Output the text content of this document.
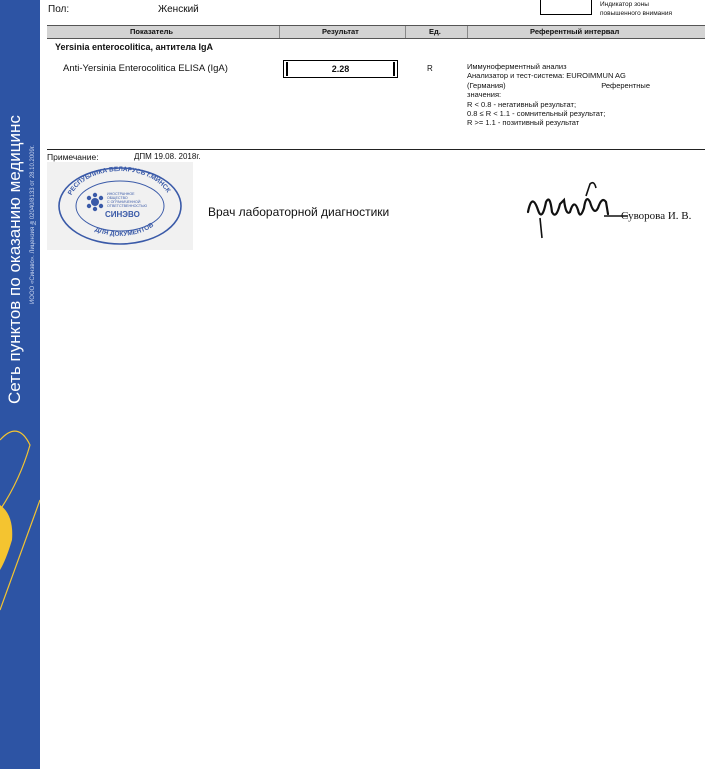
Сеть пунктов по оказанию медицинс	ИООО «Синэво». Лицензия №02040/8133 от 28.10.2009г.
Пол:	Женский	Индикатор зоны
повышенного внимания
Показатель	Результат	Ед.	Референтный интервал
Yersinia enterocolitica, антитела IgA
Anti-Yersinia Enterocolitica ELISA (IgA)	2.28	R	Иммуноферментный анализ
Анализатор и тест-система: EUROIMMUN AG
(Германия)	Референтные
значения:
R < 0.8 - негативный результат;
0.8 ≤ R < 1.1 - сомнительный результат;
R >= 1.1 - позитивный результат
Примечание:	ДПМ 19.08. 2018г.
РЕСПУБЛИКА БЕЛАРУСЬ г.МИНСК
ДЛЯ ДОКУМЕНТОВ
ИНОСТРАННОЕ
ОБЩЕСТВО
С ОГРАНИЧЕННОЙ
ОТВЕТСТВЕННОСТЬЮ
СИНЭВО	Врач лабораторной диагностики	Суворова И. В.
